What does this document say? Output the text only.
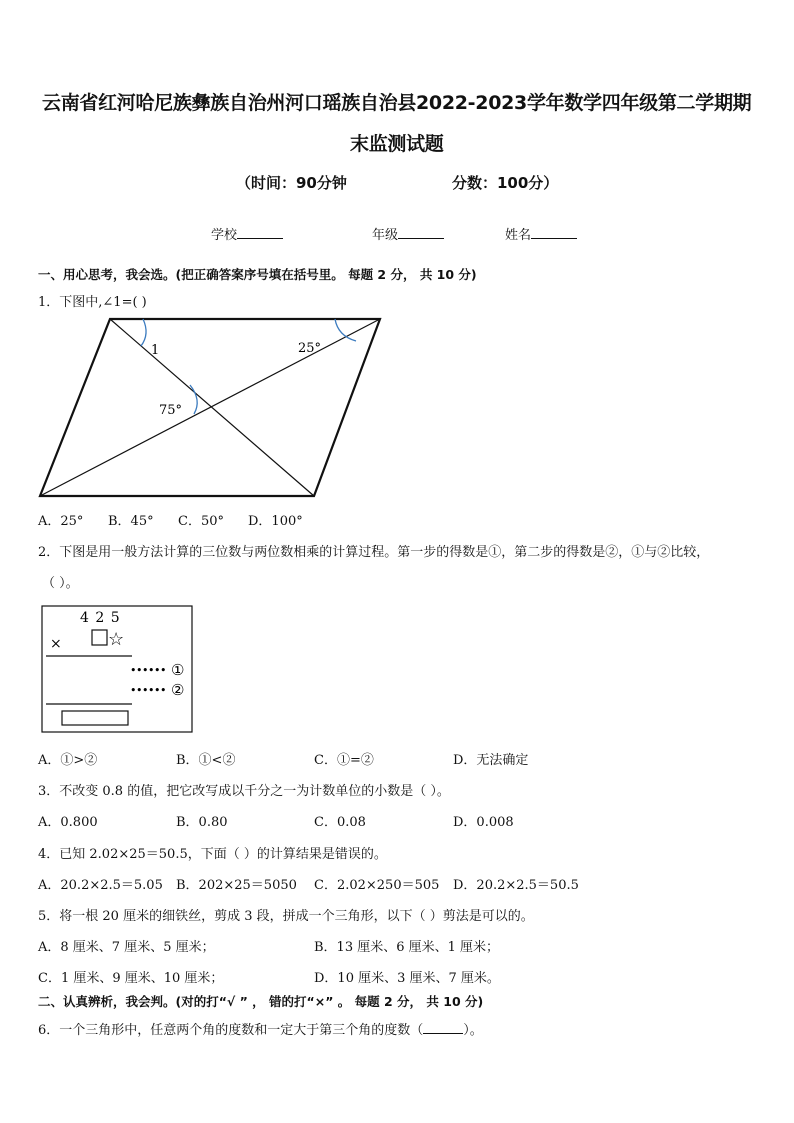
云南省红河哈尼族彝族自治州河口瑶族自治县2022-2023学年数学四年级第二学期期
末监测试题
（时间：90分钟	分数：100分）
学校	年级	姓名
一、用心思考，我会选。(把正确答案序号填在括号里。 每题 2 分， 共 10 分)
1．下图中,∠1=( )
1	25°
75°
A．25° B．45° C．50° D．100°
2．下图是用一般方法计算的三位数与两位数相乘的计算过程。第一步的得数是①，第二步的得数是②，①与②比较，
（ ）。
4 2 5
×	☆
•••••• ①
•••••• ②
A．①>②	B．①<②	C．①=②	D．无法确定
3．不改变 0.8 的值，把它改写成以千分之一为计数单位的小数是（ ）。
A．0.800	B．0.80	C．0.08	D．0.008
4．已知 2.02×25＝50.5，下面（ ）的计算结果是错误的。
A．20.2×2.5＝5.05 B．202×25＝5050 C．2.02×250＝505 D．20.2×2.5＝50.5
5．将一根 20 厘米的细铁丝，剪成 3 段，拼成一个三角形，以下（ ）剪法是可以的。
A．8 厘米、7 厘米、5 厘米；	B．13 厘米、6 厘米、1 厘米；
C．1 厘米、9 厘米、10 厘米；	D．10 厘米、3 厘米、7 厘米。
二、认真辨析，我会判。(对的打“√ ” ， 错的打“×” 。 每题 2 分， 共 10 分)
6．一个三角形中，任意两个角的度数和一定大于第三个角的度数（	）。
